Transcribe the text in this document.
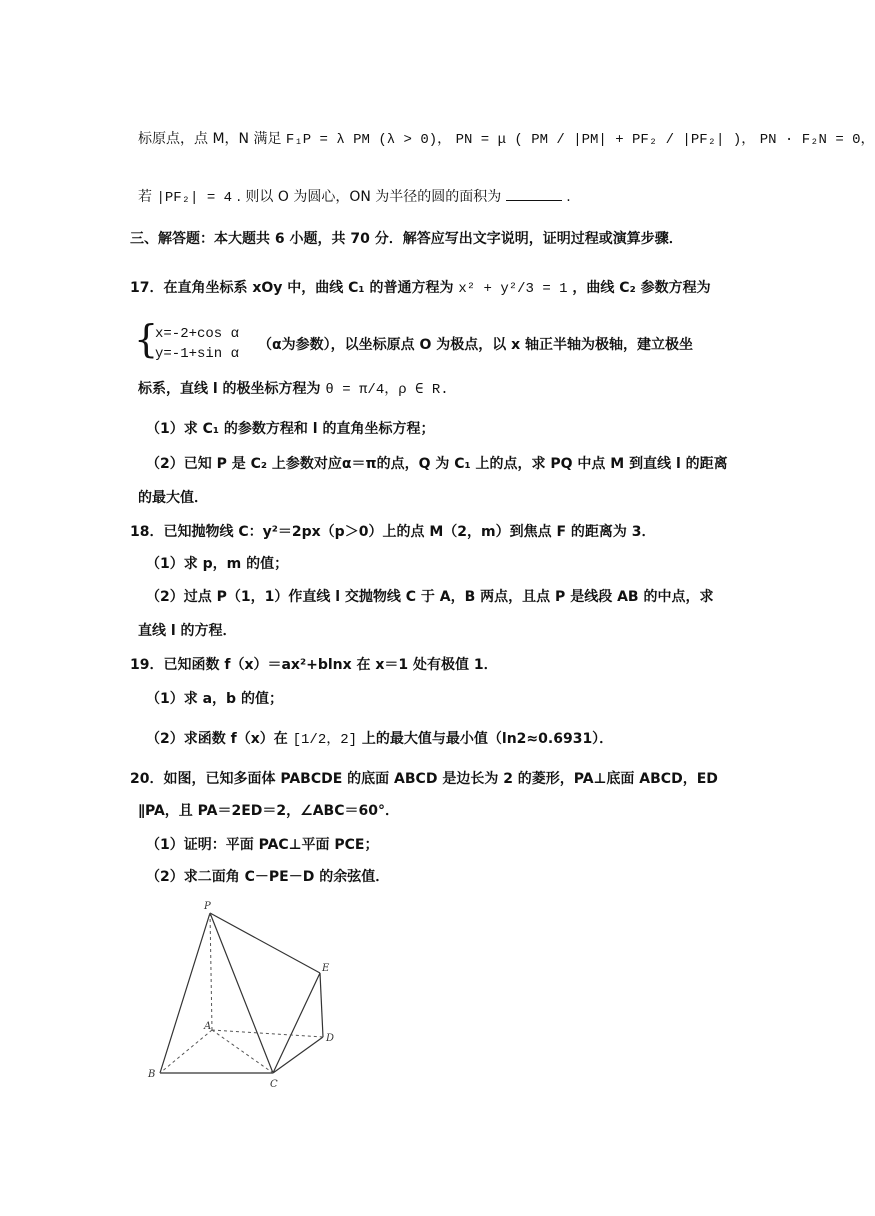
标原点，点 M，N 满足 F₁P = λ PM (λ > 0)， PN = μ ( PM / |PM| + PF₂ / |PF₂| )， PN · F₂N = 0，
若 |PF₂| = 4 . 则以 O 为圆心，ON 为半径的圆的面积为	.
三、解答题：本大题共 6 小题，共 70 分．解答应写出文字说明，证明过程或演算步骤．
17．在直角坐标系 xOy 中，曲线 C₁ 的普通方程为 x² + y²/3 = 1 ，曲线 C₂ 参数方程为
{
x=-2+cos α
y=-1+sin α
（α为参数），以坐标原点 O 为极点，以 x 轴正半轴为极轴，建立极坐
标系，直线 l 的极坐标方程为 θ = π/4，ρ ∈ R.
（1）求 C₁ 的参数方程和 l 的直角坐标方程；
（2）已知 P 是 C₂ 上参数对应α＝π的点，Q 为 C₁ 上的点，求 PQ 中点 M 到直线 l 的距离
的最大值．
18．已知抛物线 C：y²＝2px（p＞0）上的点 M（2，m）到焦点 F 的距离为 3．
（1）求 p，m 的值；
（2）过点 P（1，1）作直线 l 交抛物线 C 于 A，B 两点，且点 P 是线段 AB 的中点，求
直线 l 的方程．
19．已知函数 f（x）＝ax²+blnx 在 x＝1 处有极值 1．
（1）求 a，b 的值；
（2）求函数 f（x）在 [1/2，2] 上的最大值与最小值（ln2≈0.6931）．
20．如图，已知多面体 PABCDE 的底面 ABCD 是边长为 2 的菱形，PA⊥底面 ABCD，ED
∥PA，且 PA＝2ED＝2，∠ABC＝60°．
（1）证明：平面 PAC⊥平面 PCE；
（2）求二面角 C－PE－D 的余弦值．
P
E
A
D
B
C
